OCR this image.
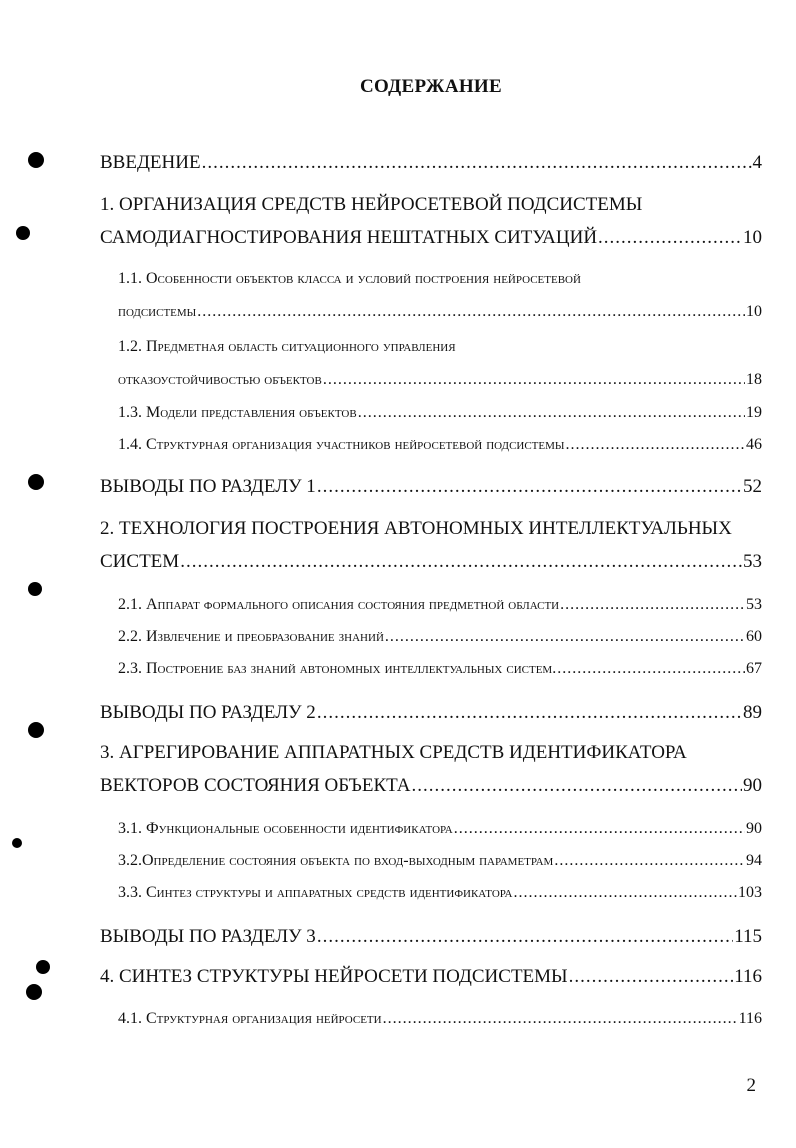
СОДЕРЖАНИЕ
ВВЕДЕНИЕ .....	4
1. ОРГАНИЗАЦИЯ СРЕДСТВ НЕЙРОСЕТЕВОЙ ПОДСИСТЕМЫ
САМОДИАГНОСТИРОВАНИЯ НЕШТАТНЫХ СИТУАЦИЙ .....	10
1.1. Особенности объектов класса и условий построения нейросетевой
подсистемы .....	10
1.2. Предметная область ситуационного управления
отказоустойчивостью объектов .....	18
1.3. Модели представления объектов .....	19
1.4. Структурная организация участников нейросетевой подсистемы .....	46
ВЫВОДЫ ПО РАЗДЕЛУ 1 .....	52
2. ТЕХНОЛОГИЯ ПОСТРОЕНИЯ АВТОНОМНЫХ ИНТЕЛЛЕКТУАЛЬНЫХ
СИСТЕМ .....	53
2.1. Аппарат формального описания состояния предметной области .....	53
2.2. Извлечение и преобразование знаний .....	60
2.3. Построение баз знаний автономных интеллектуальных систем. .....	67
ВЫВОДЫ ПО РАЗДЕЛУ 2 .....	89
3. АГРЕГИРОВАНИЕ АППАРАТНЫХ СРЕДСТВ ИДЕНТИФИКАТОРА
ВЕКТОРОВ СОСТОЯНИЯ ОБЪЕКТА .....	90
3.1. Функциональные особенности идентификатора .....	90
3.2.Определение состояния объекта по вход-выходным параметрам .....	94
3.3. Синтез структуры и аппаратных средств идентификатора .....	103
ВЫВОДЫ ПО РАЗДЕЛУ 3 .....	115
4. СИНТЕЗ СТРУКТУРЫ НЕЙРОСЕТИ ПОДСИСТЕМЫ .....	116
4.1. Структурная организация нейросети .....	116
2
